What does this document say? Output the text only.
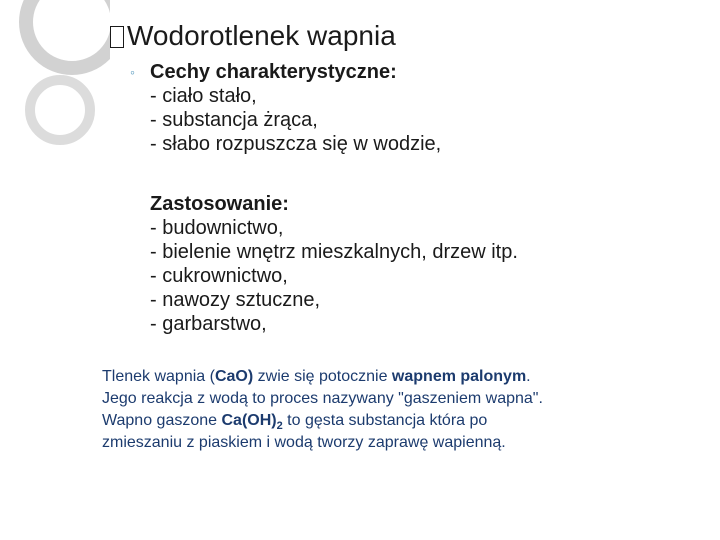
Wodorotlenek wapnia
◦ Cechy charakterystyczne:
- ciało stało,
- substancja żrąca,
- słabo rozpuszcza się w wodzie,
Zastosowanie:
- budownictwo,
- bielenie wnętrz mieszkalnych, drzew itp.
- cukrownictwo,
- nawozy sztuczne,
- garbarstwo,
Tlenek wapnia (CaO) zwie się potocznie wapnem palonym.
Jego reakcja z wodą to proces nazywany "gaszeniem wapna".
Wapno gaszone $Ca(OH)_2$ to gęsta substancja która po
zmieszaniu z piaskiem i wodą tworzy zaprawę wapienną.
